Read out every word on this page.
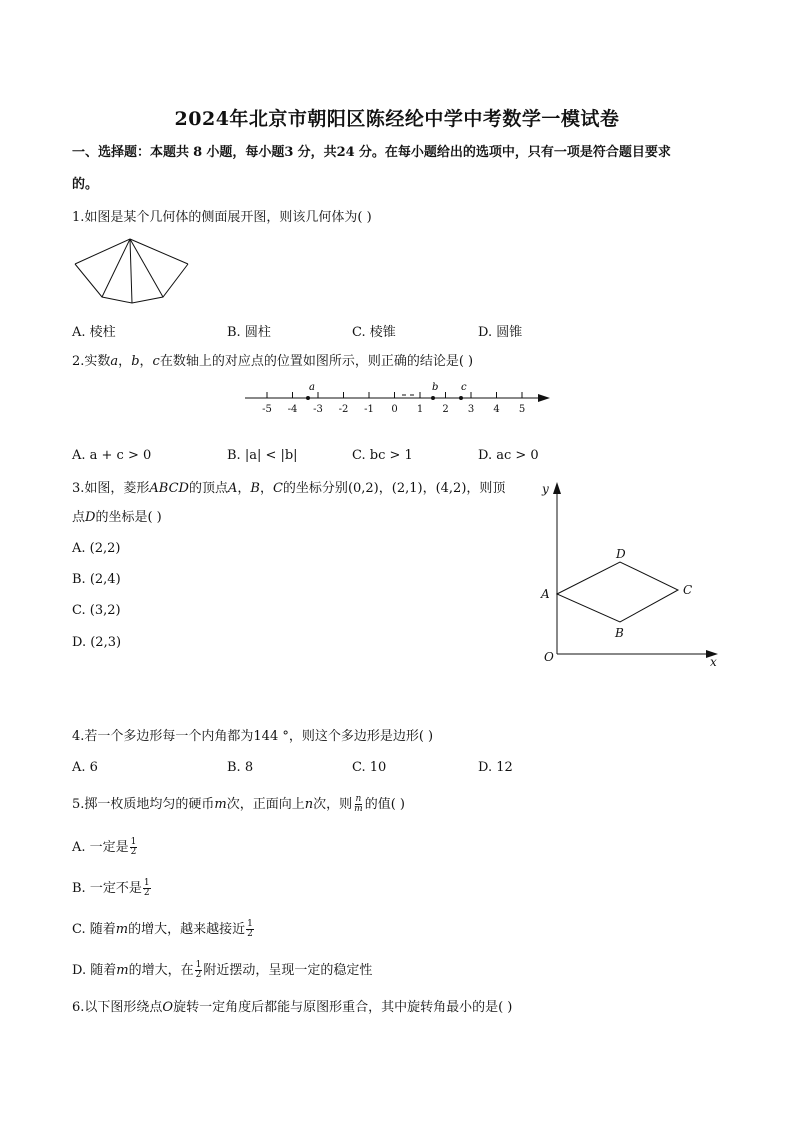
2024年北京市朝阳区陈经纶中学中考数学一模试卷
一、选择题：本题共 8 小题，每小题3 分，共24 分。在每小题给出的选项中，只有一项是符合题目要求
的。
1.如图是某个几何体的侧面展开图，则该几何体为( )
A. 棱柱	B. 圆柱	C. 棱锥	D. 圆锥
2.实数a，b，c在数轴上的对应点的位置如图所示，则正确的结论是( )
-5 -4 -3 -2 -1 0 1 2 3 4 5
a	b c
A. a + c > 0	B. |a| < |b|	C. bc > 1	D. ac > 0
3.如图，菱形ABCD的顶点A，B，C的坐标分别(0,2)，(2,1)，(4,2)，则顶
点D的坐标是( )
A. (2,2)
B. (2,4)
C. (3,2)
D. (2,3)
y
x
O
A
B
C
D
4.若一个多边形每一个内角都为144 °，则这个多边形是边形( )
A. 6	B. 8	C. 10	D. 12
5.掷一枚质地均匀的硬币m次，正面向上n次，则 $\frac{n}{m}$ 的值( )
A. 一定是 $\frac{1}{2}$
B. 一定不是 $\frac{1}{2}$
C. 随着m的增大，越来越接近 $\frac{1}{2}$
D. 随着m的增大，在 $\frac{1}{2}$ 附近摆动，呈现一定的稳定性
6.以下图形绕点O旋转一定角度后都能与原图形重合，其中旋转角最小的是( )
